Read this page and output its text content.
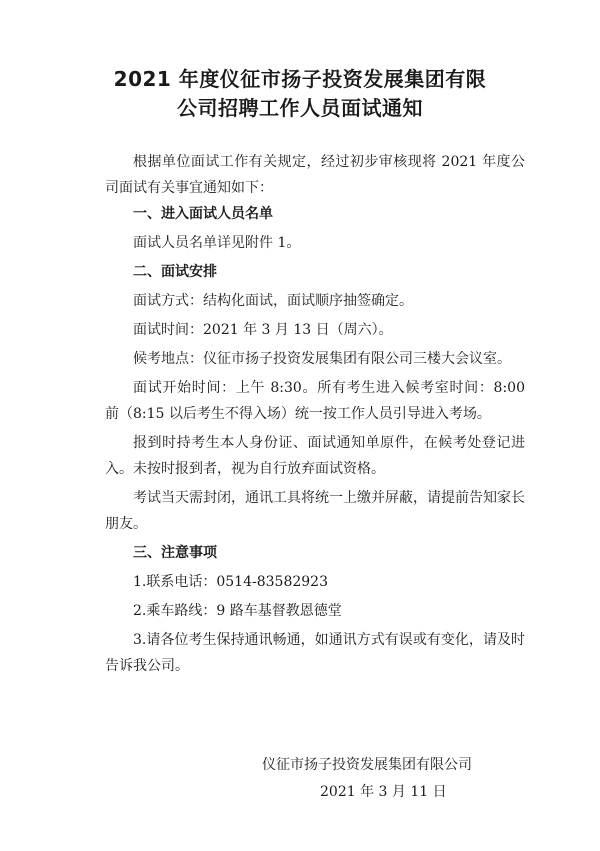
2021 年度仪征市扬子投资发展集团有限
公司招聘工作人员面试通知

根据单位面试工作有关规定，经过初步审核现将 2021 年度公司面试有关事宜通知如下：

一、进入面试人员名单

面试人员名单详见附件 1。

二、面试安排

面试方式：结构化面试，面试顺序抽签确定。

面试时间：2021 年 3 月 13 日（周六）。

候考地点：仪征市扬子投资发展集团有限公司三楼大会议室。

面试开始时间：上午 8:30。所有考生进入候考室时间：8:00 前（8:15 以后考生不得入场）统一按工作人员引导进入考场。

报到时持考生本人身份证、面试通知单原件，在候考处登记进入。未按时报到者，视为自行放弃面试资格。

考试当天需封闭，通讯工具将统一上缴并屏蔽，请提前告知家长朋友。

三、注意事项

1.联系电话：0514-83582923

2.乘车路线：9 路车基督教恩德堂

3.请各位考生保持通讯畅通，如通讯方式有误或有变化，请及时告诉我公司。

仪征市扬子投资发展集团有限公司
2021 年 3 月 11 日
